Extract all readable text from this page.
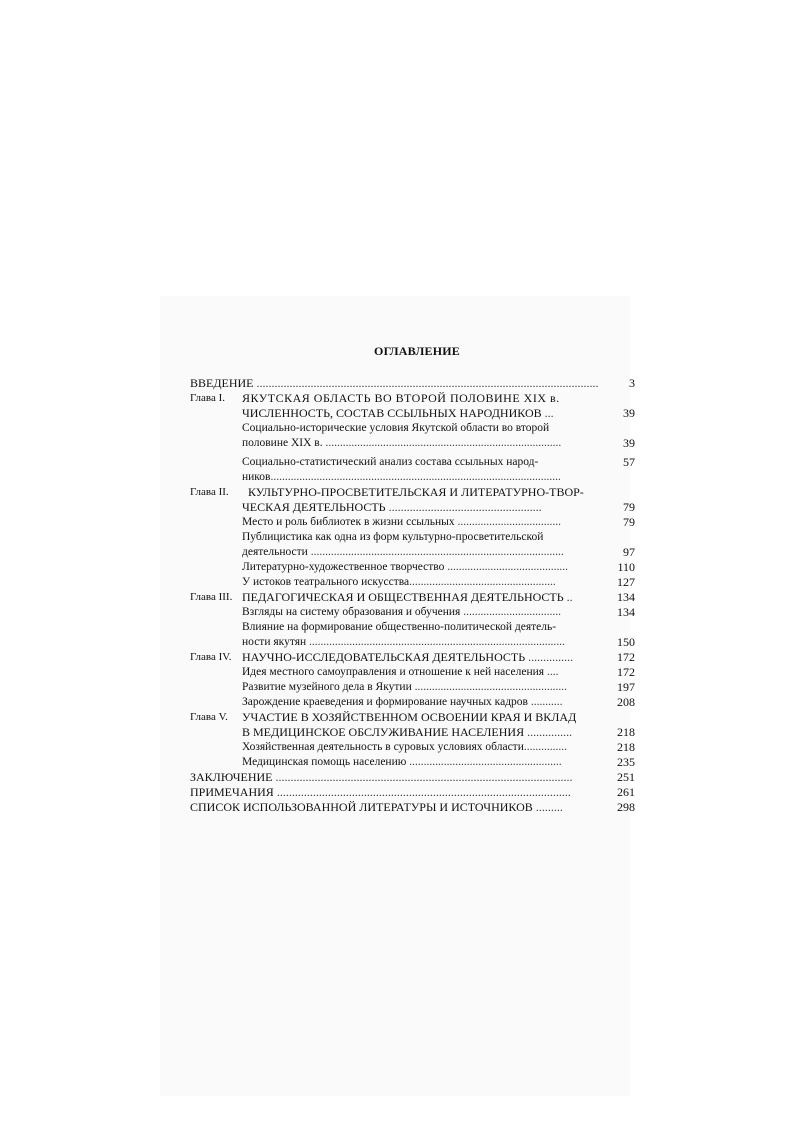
ОГЛАВЛЕНИЕ
ВВЕДЕНИЕ ..................................................................................................................	3
Глава I. ЯКУТСКАЯ ОБЛАСТЬ ВО ВТОРОЙ ПОЛОВИНЕ XIX в.
ЧИСЛЕННОСТЬ, СОСТАВ ССЫЛЬНЫХ НАРОДНИКОВ ...	39
Социально-исторические условия Якутской области во второй
половине XIX в. ..................................................................................	39
Социально-статистический анализ состава ссыльных народ-	57
ников.....................................................................................................
Глава II. КУЛЬТУРНО-ПРОСВЕТИТЕЛЬСКАЯ И ЛИТЕРАТУРНО-ТВОР-
ЧЕСКАЯ ДЕЯТЕЛЬНОСТЬ ...................................................	79
Место и роль библиотек в жизни ссыльных ....................................	79
Публицистика как одна из форм культурно-просветительской
деятельности ........................................................................................	97
Литературно-художественное творчество ..........................................	110
У истоков театрального искусства...................................................	127
Глава III. ПЕДАГОГИЧЕСКАЯ И ОБЩЕСТВЕННАЯ ДЕЯТЕЛЬНОСТЬ ..	134
Взгляды на систему образования и обучения ..................................	134
Влияние на формирование общественно-политической деятель-
ности якутян .........................................................................................	150
Глава IV. НАУЧНО-ИССЛЕДОВАТЕЛЬСКАЯ ДЕЯТЕЛЬНОСТЬ ...............	172
Идея местного самоуправления и отношение к ней населения ....	172
Развитие музейного дела в Якутии .....................................................	197
Зарождение краеведения и формирование научных кадров ...........	208
Глава V. УЧАСТИЕ В ХОЗЯЙСТВЕННОМ ОСВОЕНИИ КРАЯ И ВКЛАД
В МЕДИЦИНСКОЕ ОБСЛУЖИВАНИЕ НАСЕЛЕНИЯ ...............	218
Хозяйственная деятельность в суровых условиях области...............	218
Медицинская помощь населению .....................................................	235
ЗАКЛЮЧЕНИЕ ...................................................................................................	251
ПРИМЕЧАНИЯ ..................................................................................................	261
СПИСОК ИСПОЛЬЗОВАННОЙ ЛИТЕРАТУРЫ И ИСТОЧНИКОВ .........	298
